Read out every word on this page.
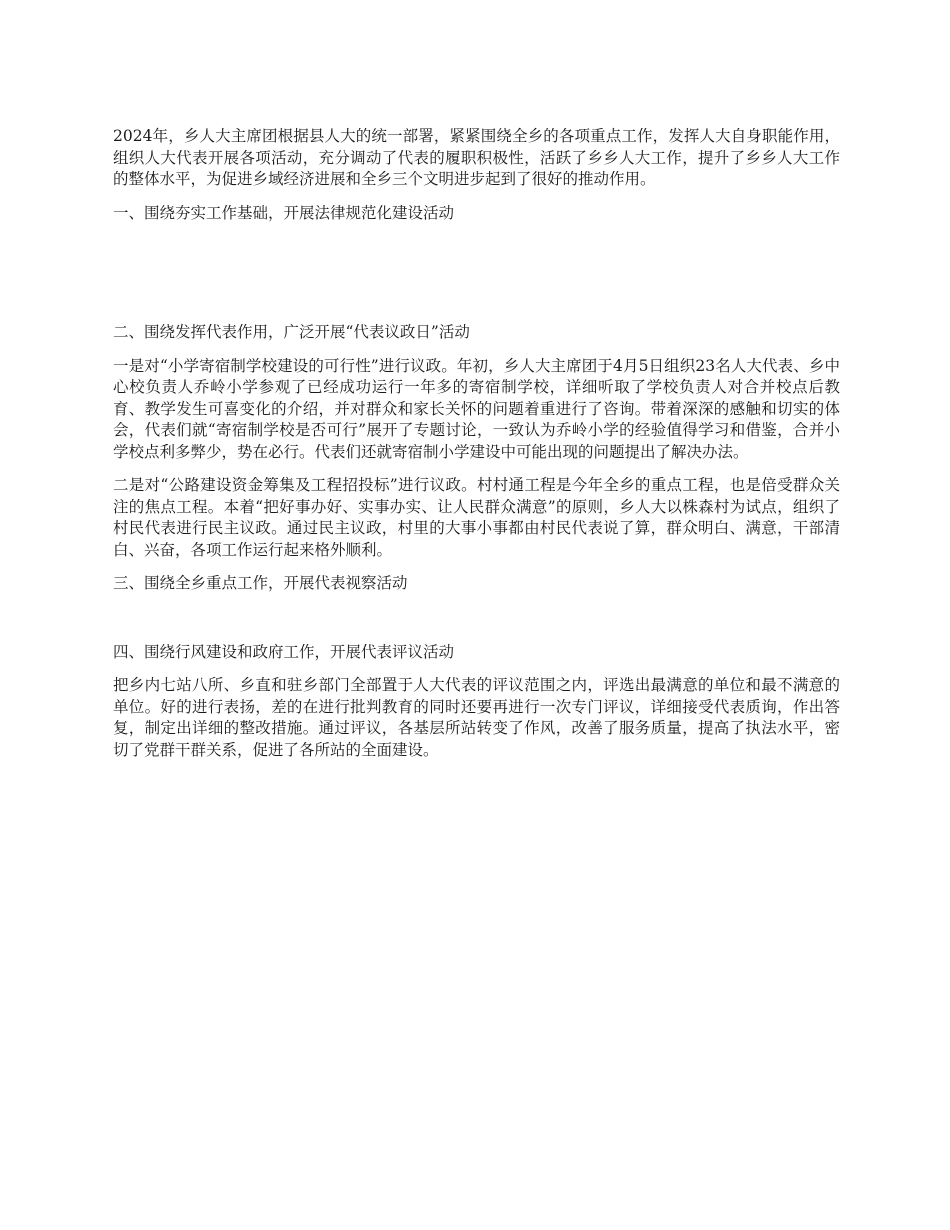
2024年，乡人大主席团根据县人大的统一部署，紧紧围绕全乡的各项重点工作，发挥人大自身职能作用，组织人大代表开展各项活动，充分调动了代表的履职积极性，活跃了乡乡人大工作，提升了乡乡人大工作的整体水平，为促进乡域经济进展和全乡三个文明进步起到了很好的推动作用。

一、围绕夯实工作基础，开展法律规范化建设活动

二、围绕发挥代表作用，广泛开展“代表议政日”活动

一是对“小学寄宿制学校建设的可行性”进行议政。年初，乡人大主席团于4月5日组织23名人大代表、乡中心校负责人乔岭小学参观了已经成功运行一年多的寄宿制学校，详细听取了学校负责人对合并校点后教育、教学发生可喜变化的介绍，并对群众和家长关怀的问题着重进行了咨询。带着深深的感触和切实的体会，代表们就“寄宿制学校是否可行”展开了专题讨论，一致认为乔岭小学的经验值得学习和借鉴，合并小学校点利多弊少，势在必行。代表们还就寄宿制小学建设中可能出现的问题提出了解决办法。

二是对“公路建设资金筹集及工程招投标”进行议政。村村通工程是今年全乡的重点工程，也是倍受群众关注的焦点工程。本着“把好事办好、实事办实、让人民群众满意”的原则，乡人大以株森村为试点，组织了村民代表进行民主议政。通过民主议政，村里的大事小事都由村民代表说了算，群众明白、满意，干部清白、兴奋，各项工作运行起来格外顺利。

三、围绕全乡重点工作，开展代表视察活动

四、围绕行风建设和政府工作，开展代表评议活动

把乡内七站八所、乡直和驻乡部门全部置于人大代表的评议范围之内，评选出最满意的单位和最不满意的单位。好的进行表扬，差的在进行批判教育的同时还要再进行一次专门评议，详细接受代表质询，作出答复，制定出详细的整改措施。通过评议，各基层所站转变了作风，改善了服务质量，提高了执法水平，密切了党群干群关系，促进了各所站的全面建设。
